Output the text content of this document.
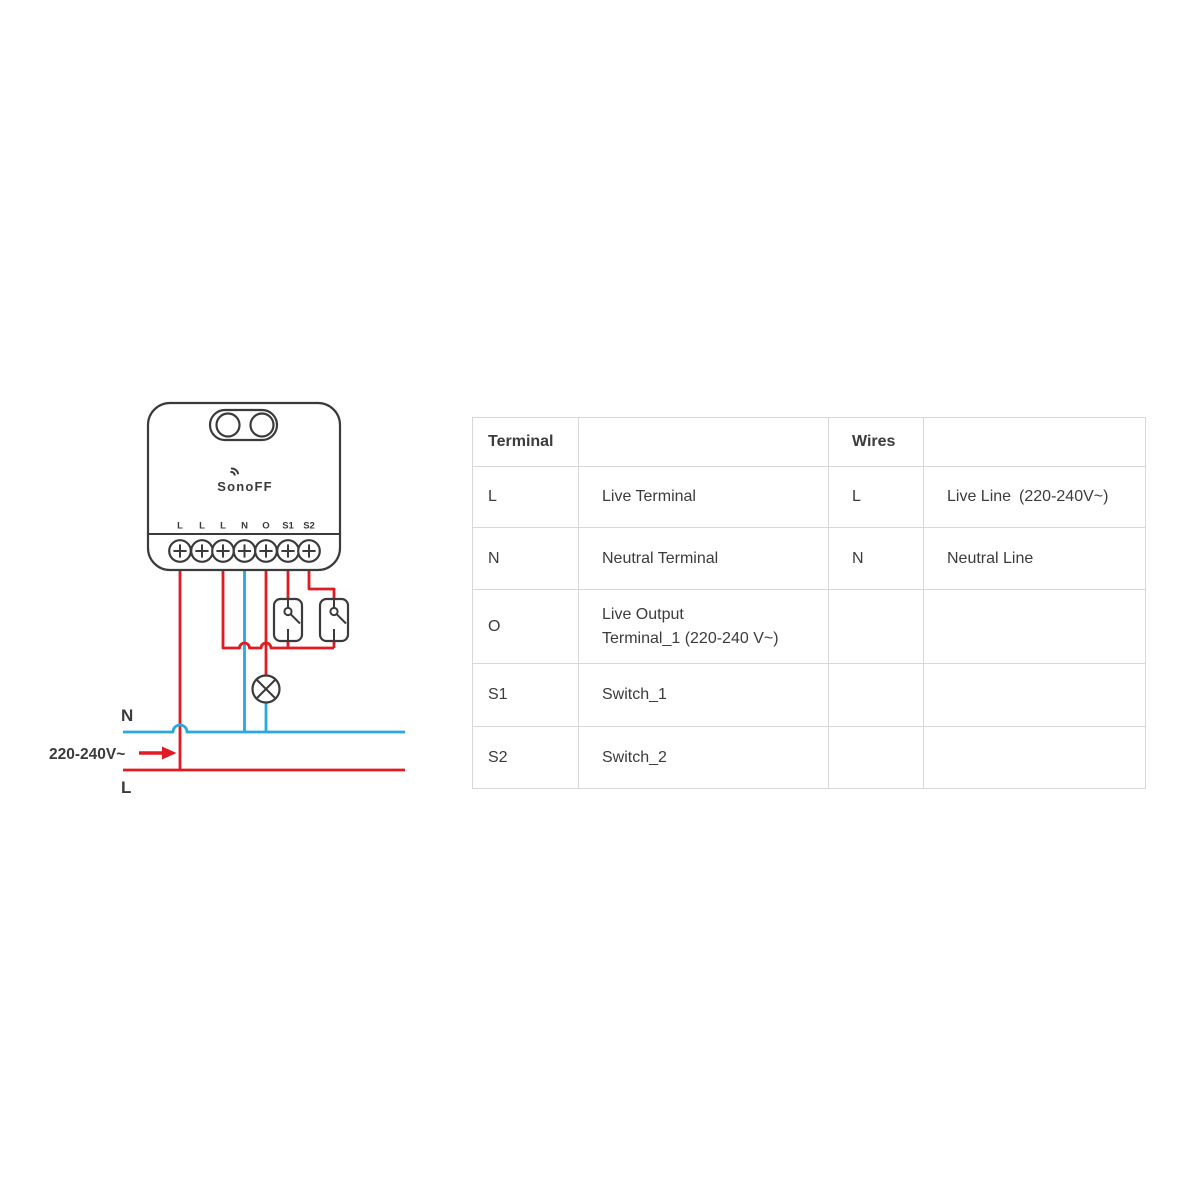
SonoFF
L L L N O S1 S2
N
L
220-240V~
Terminal		Wires	
L	Live Terminal	L	Live Line (220-240V~)
N	Neutral Terminal	N	Neutral Line
O	Live Output
Terminal_1 (220-240 V~)		

S1	Switch_1		
S2	Switch_2		
